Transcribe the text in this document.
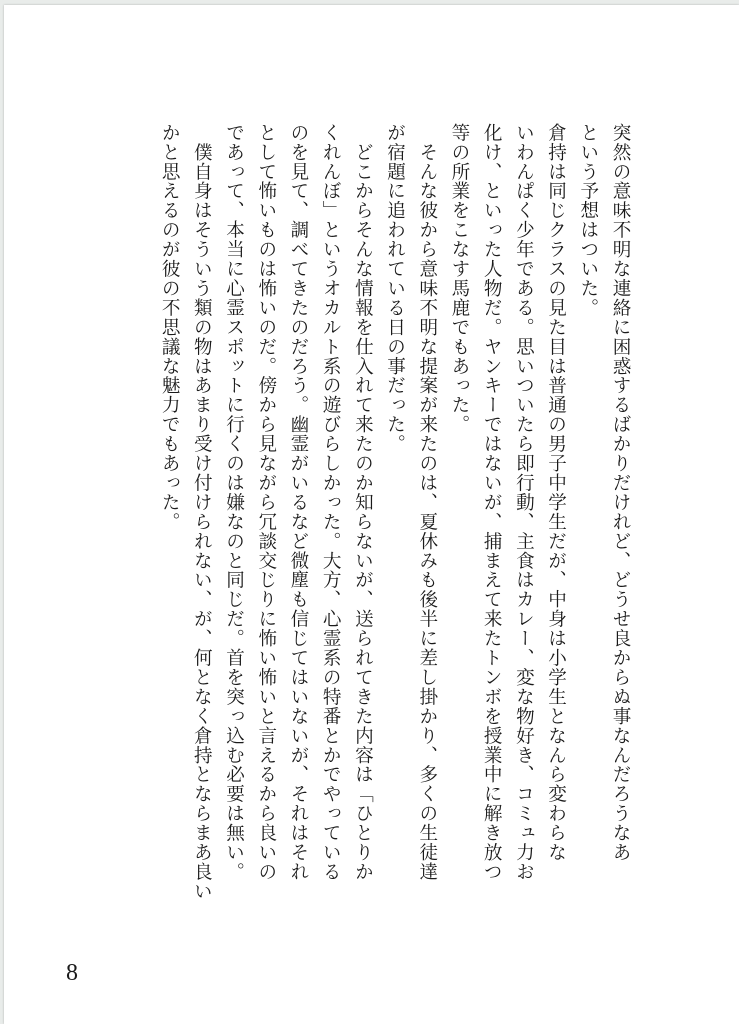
突然の意味不明な連絡に困惑するばかりだけれど、どうせ良からぬ事なんだろうなあ
という予想はついた。
倉持は同じクラスの見た目は普通の男子中学生だが、中身は小学生となんら変わらな
いわんぱく少年である。思いついたら即行動、主食はカレー、変な物好き、コミュ力お
化け、といった人物だ。ヤンキーではないが、捕まえて来たトンボを授業中に解き放つ
等の所業をこなす馬鹿でもあった。
　そんな彼から意味不明な提案が来たのは、夏休みも後半に差し掛かり、多くの生徒達
が宿題に追われている日の事だった。
　どこからそんな情報を仕入れて来たのか知らないが、送られてきた内容は「ひとりか
くれんぼ」というオカルト系の遊びらしかった。大方、心霊系の特番とかでやっている
のを見て、調べてきたのだろう。幽霊がいるなど微塵も信じてはいないが、それはそれ
として怖いものは怖いのだ。傍から見ながら冗談交じりに怖い怖いと言えるから良いの
であって、本当に心霊スポットに行くのは嫌なのと同じだ。首を突っ込む必要は無い。
　僕自身はそういう類の物はあまり受け付けられない、が、何となく倉持とならまあ良い
かと思えるのが彼の不思議な魅力でもあった。
8
